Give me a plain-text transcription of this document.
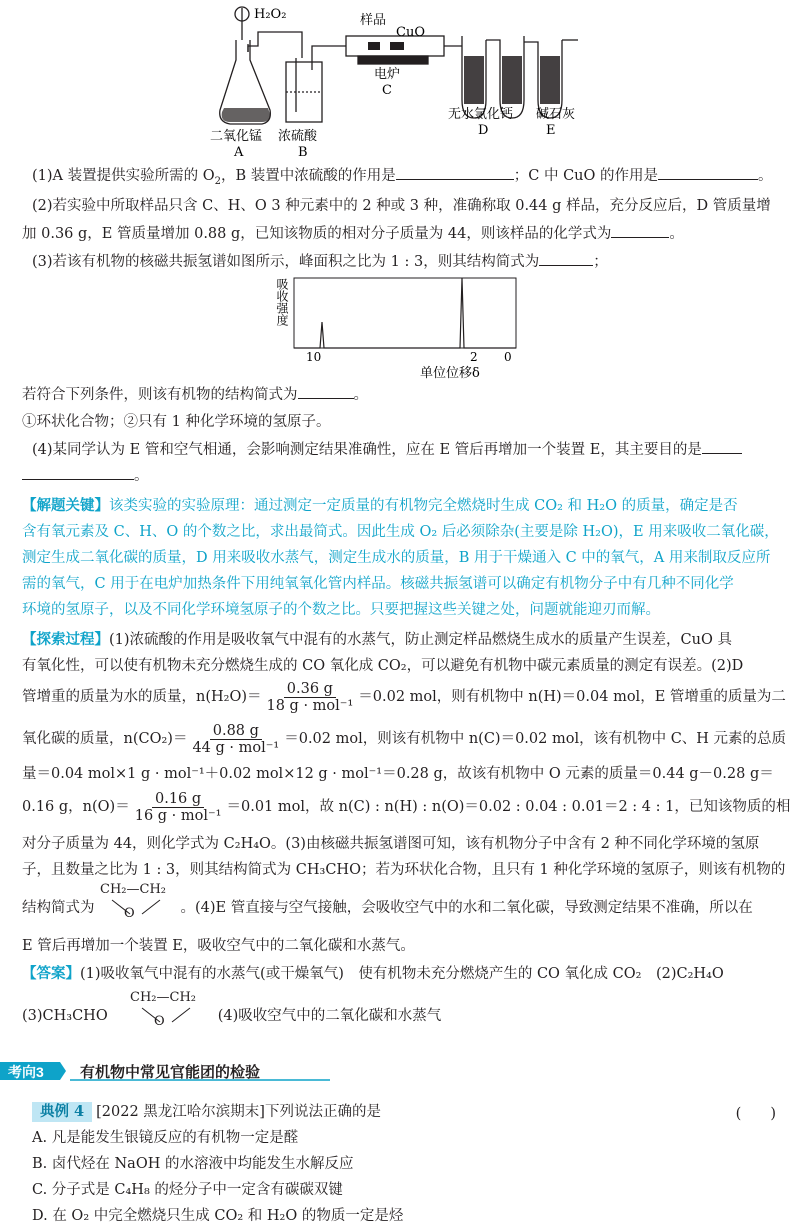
H₂O₂	样品
CuO
电炉
C
二氧化锰
A
浓硫酸
B
无水氯化钙
D
碱石灰
E
(1)A 装置提供实验所需的 $O_2$，B 装置中浓硫酸的作用是	；C 中 CuO 的作用是	。
(2)若实验中所取样品只含 C、H、O 3 种元素中的 2 种或 3 种，准确称取 0.44 g 样品，充分反应后，D 管质量增
加 0.36 g，E 管质量增加 0.88 g，已知该物质的相对分子质量为 44，则该样品的化学式为	。
(3)若该有机物的核磁共振氢谱如图所示，峰面积之比为 1 : 3，则其结构简式为	；
吸收强度
10	2 0
单位位移δ
若符合下列条件，则该有机物的结构简式为	。
①环状化合物；②只有 1 种化学环境的氢原子。
(4)某同学认为 E 管和空气相通，会影响测定结果准确性，应在 E 管后再增加一个装置 E，其主要目的是
。
【解题关键】该类实验的实验原理：通过测定一定质量的有机物完全燃烧时生成 CO₂ 和 H₂O 的质量，确定是否
含有氧元素及 C、H、O 的个数之比，求出最简式。因此生成 O₂ 后必须除杂(主要是除 H₂O)，E 用来吸收二氧化碳，
测定生成二氧化碳的质量，D 用来吸收水蒸气，测定生成水的质量，B 用于干燥通入 C 中的氧气，A 用来制取反应所
需的氧气，C 用于在电炉加热条件下用纯氧氧化管内样品。核磁共振氢谱可以确定有机物分子中有几种不同化学
环境的氢原子，以及不同化学环境氢原子的个数之比。只要把握这些关键之处，问题就能迎刃而解。
【探索过程】(1)浓硫酸的作用是吸收氧气中混有的水蒸气，防止测定样品燃烧生成水的质量产生误差，CuO 具
有氧化性，可以使有机物未充分燃烧生成的 CO 氧化成 CO₂，可以避免有机物中碳元素质量的测定有误差。(2)D
管增重的质量为水的质量，$n(H_2O)= \frac{0.36 g}{\text{18 g · mol⁻¹}} =0.02$ mol，则有机物中 n(H)＝0.04 mol，E 管增重的质量为二
氧化碳的质量，$n(CO_2)= \frac{0.88 g}{\text{44 g · mol⁻¹}} =0.02$ mol，则该有机物中 n(C)＝0.02 mol，该有机物中 C、H 元素的总质
量＝0.04 mol×1 g · mol⁻¹＋0.02 mol×12 g · mol⁻¹＝0.28 g，故该有机物中 O 元素的质量＝0.44 g－0.28 g＝
0.16 g，$n(O)= \frac{0.16 g}{\text{16 g · mol⁻¹}} =0.01$ mol，故 n(C) : n(H) : n(O)＝0.02 : 0.04 : 0.01＝2 : 4 : 1，已知该物质的相
对分子质量为 44，则化学式为 C₂H₄O。(3)由核磁共振氢谱图可知，该有机物分子中含有 2 种不同化学环境的氢原
子，且数量之比为 1 : 3，则其结构简式为 CH₃CHO；若为环状化合物，且只有 1 种化学环境的氢原子，则该有机物的
结构简式为	。(4)E 管直接与空气接触，会吸收空气中的水和二氧化碳，导致测定结果不准确，所以在
CH₂—CH₂
O
E 管后再增加一个装置 E，吸收空气中的二氧化碳和水蒸气。
【答案】(1)吸收氧气中混有的水蒸气(或干燥氧气)　使有机物未充分燃烧产生的 CO 氧化成 CO₂　(2)C₂H₄O
(3)CH₃CHO	(4)吸收空气中的二氧化碳和水蒸气
CH₂—CH₂
O
考向3 有机物中常见官能团的检验
典例 4 [2022 黑龙江哈尔滨期末]下列说法正确的是	(　　)
A. 凡是能发生银镜反应的有机物一定是醛
B. 卤代烃在 NaOH 的水溶液中均能发生水解反应
C. 分子式是 C₄H₈ 的烃分子中一定含有碳碳双键
D. 在 O₂ 中完全燃烧只生成 CO₂ 和 H₂O 的物质一定是烃
